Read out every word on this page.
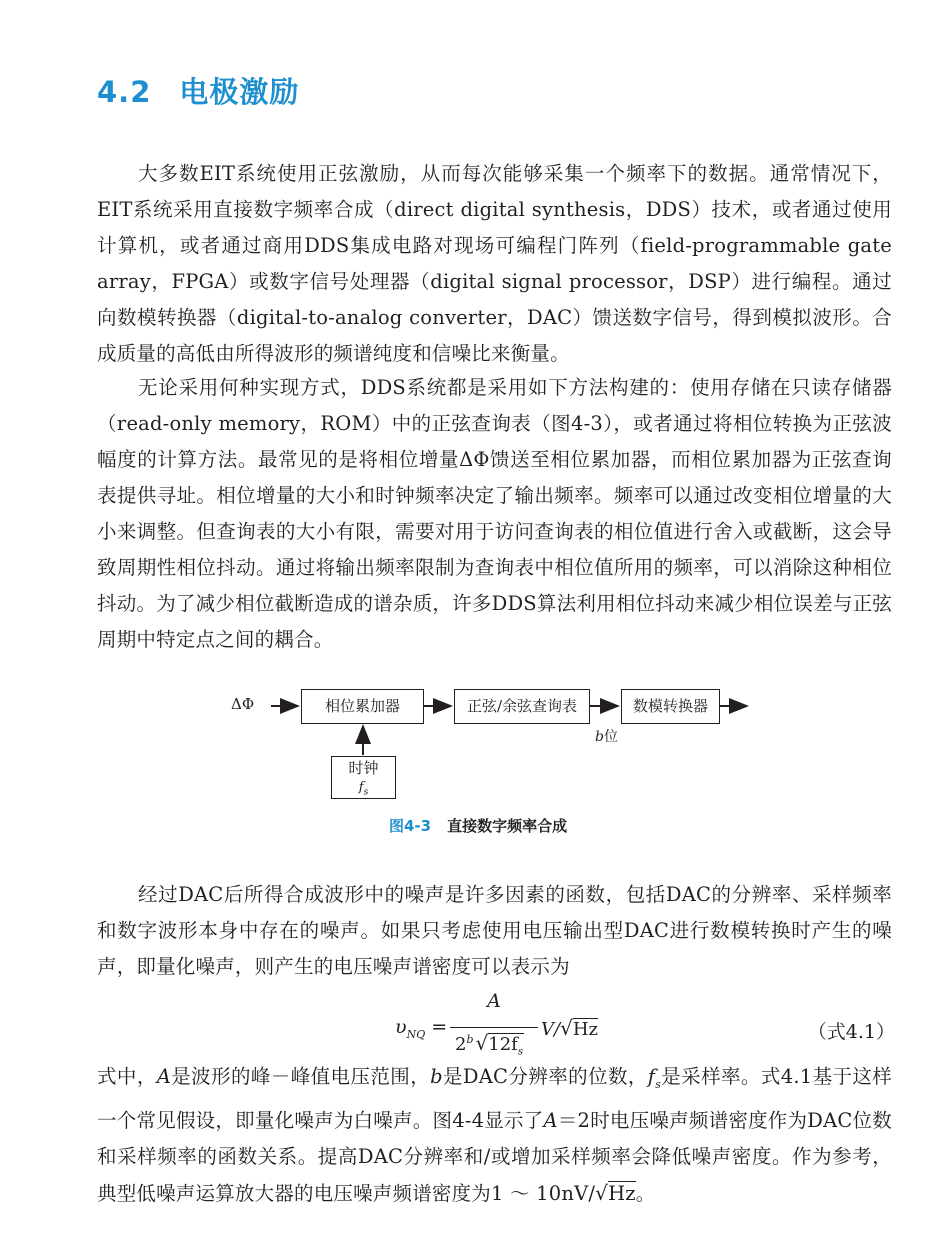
4.2 电极激励

大多数EIT系统使用正弦激励，从而每次能够采集一个频率下的数据。通常情况下，EIT系统采用直接数字频率合成（direct digital synthesis，DDS）技术，或者通过使用计算机，或者通过商用DDS集成电路对现场可编程门阵列（field-programmable gate array，FPGA）或数字信号处理器（digital signal processor，DSP）进行编程。通过向数模转换器（digital-to-analog converter，DAC）馈送数字信号，得到模拟波形。合成质量的高低由所得波形的频谱纯度和信噪比来衡量。

无论采用何种实现方式，DDS系统都是采用如下方法构建的：使用存储在只读存储器（read-only memory，ROM）中的正弦查询表（图4-3），或者通过将相位转换为正弦波幅度的计算方法。最常见的是将相位增量ΔΦ馈送至相位累加器，而相位累加器为正弦查询表提供寻址。相位增量的大小和时钟频率决定了输出频率。频率可以通过改变相位增量的大小来调整。但查询表的大小有限，需要对用于访问查询表的相位值进行舍入或截断，这会导致周期性相位抖动。通过将输出频率限制为查询表中相位值所用的频率，可以消除这种相位抖动。为了减少相位截断造成的谱杂质，许多DDS算法利用相位抖动来减少相位误差与正弦周期中特定点之间的耦合。

ΔΦ	相位累加器	正弦/余弦查询表	数模转换器
b位
时钟
$f_s$
图4-3 直接数字频率合成

经过DAC后所得合成波形中的噪声是许多因素的函数，包括DAC的分辨率、采样频率和数字波形本身中存在的噪声。如果只考虑使用电压输出型DAC进行数模转换时产生的噪声，即量化噪声，则产生的电压噪声谱密度可以表示为

$\upsilon_{NQ}$ =
A
2$^b$ $√12f_s$
V/√Hz	（式4.1）

式中，A是波形的峰－峰值电压范围，b是DAC分辨率的位数，$f_s$是采样率。式4.1基于这样一个常见假设，即量化噪声为白噪声。图4-4显示了A＝2时电压噪声频谱密度作为DAC位数和采样频率的函数关系。提高DAC分辨率和/或增加采样频率会降低噪声密度。作为参考，典型低噪声运算放大器的电压噪声频谱密度为1 ～ 10nV/√Hz。
